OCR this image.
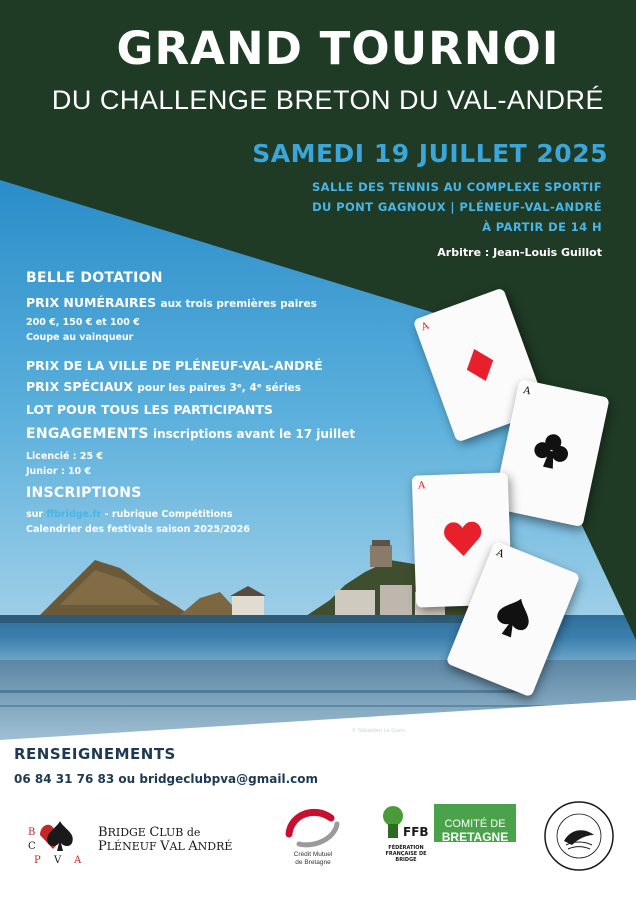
GRAND TOURNOI
DU CHALLENGE BRETON DU VAL-ANDRÉ
SAMEDI 19 JUILLET 2025
SALLE DES TENNIS AU COMPLEXE SPORTIF
DU PONT GAGNOUX | PLÉNEUF-VAL-ANDRÉ
À PARTIR DE 14 H
Arbitre : Jean-Louis Guillot
BELLE DOTATION
PRIX NUMÉRAIRES aux trois premières paires
200 €, 150 € et 100 €
Coupe au vainqueur
PRIX DE LA VILLE DE PLÉNEUF-VAL-ANDRÉ
PRIX SPÉCIAUX pour les paires 3ᵉ, 4ᵉ séries
LOT POUR TOUS LES PARTICIPANTS
ENGAGEMENTS inscriptions avant le 17 juillet
Licencié : 25 €
Junior : 10 €
INSCRIPTIONS
sur ffbridge.fr - rubrique Compétitions
Calendrier des festivals saison 2025/2026
A
A
A
A
© Sébastien Le Guen
RENSEIGNEMENTS
06 84 31 76 83 ou bridgeclubpva@gmail.com
B
C
P V A
BRIDGE CLUB de
PLÉNEUF VAL ANDRÉ
Crédit Mutuel
de Bretagne
FFB
FÉDÉRATION FRANÇAISE DE BRIDGE
COMITÉ DE
BRETAGNE
